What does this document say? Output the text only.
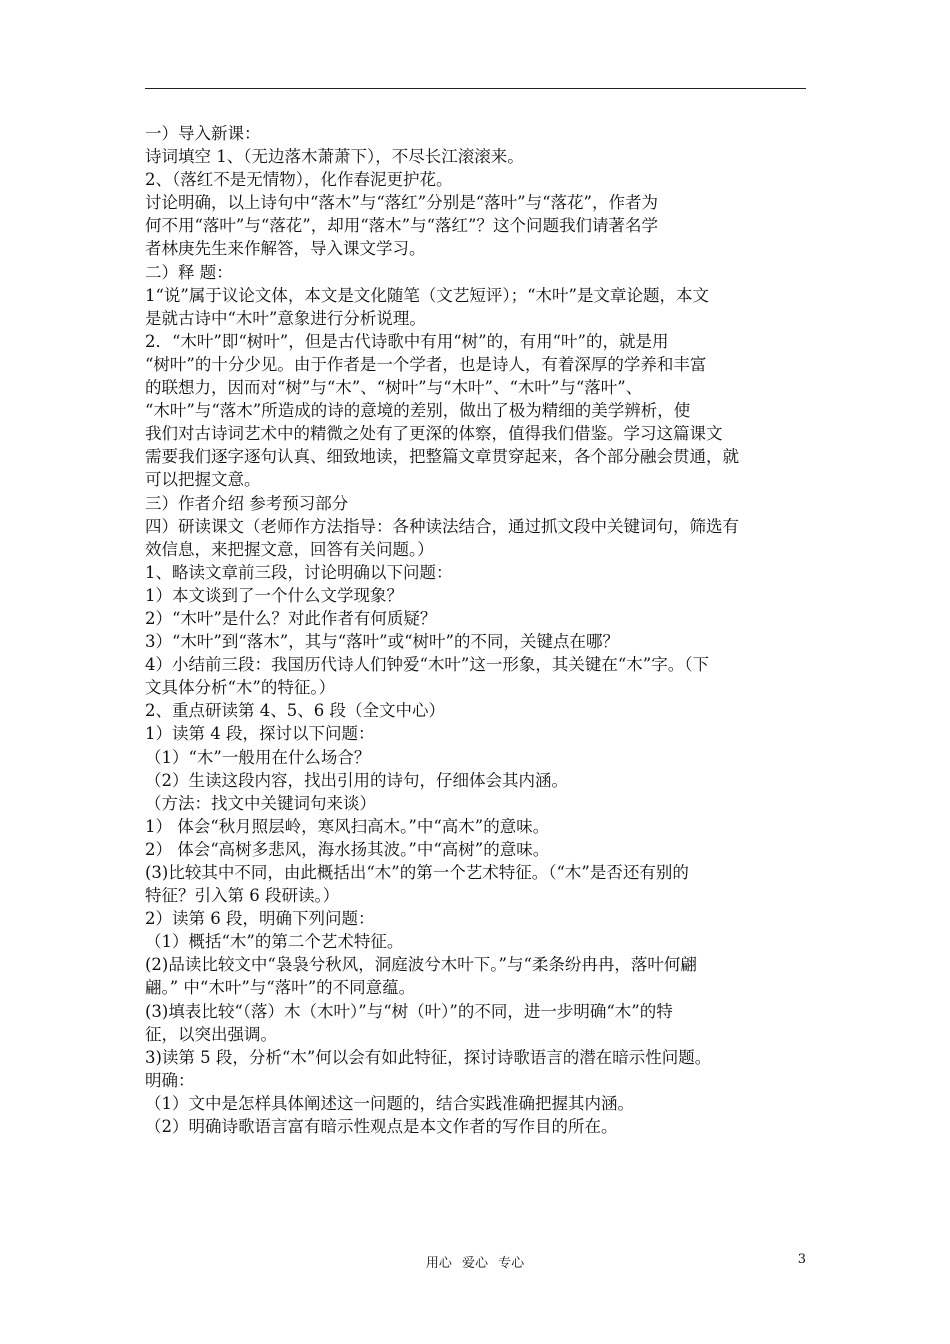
一）导入新课：
诗词填空 1、（无边落木萧萧下），不尽长江滚滚来。
2、（落红不是无情物），化作春泥更护花。
讨论明确，以上诗句中“落木”与“落红”分别是“落叶”与“落花”，作者为
何不用“落叶”与“落花”，却用“落木”与“落红”？这个问题我们请著名学
者林庚先生来作解答，导入课文学习。
二）释 题：
1“说”属于议论文体，本文是文化随笔（文艺短评）；“木叶”是文章论题，本文
是就古诗中“木叶”意象进行分析说理。
2．“木叶”即“树叶”，但是古代诗歌中有用“树”的，有用“叶”的，就是用
“树叶”的十分少见。由于作者是一个学者，也是诗人，有着深厚的学养和丰富
的联想力，因而对“树”与“木”、“树叶”与“木叶”、“木叶”与“落叶”、
“木叶”与“落木”所造成的诗的意境的差别，做出了极为精细的美学辨析，使
我们对古诗词艺术中的精微之处有了更深的体察，值得我们借鉴。学习这篇课文
需要我们逐字逐句认真、细致地读，把整篇文章贯穿起来，各个部分融会贯通，就
可以把握文意。
三）作者介绍 参考预习部分
四）研读课文（老师作方法指导：各种读法结合，通过抓文段中关键词句，筛选有
效信息，来把握文意，回答有关问题。）
1、略读文章前三段，讨论明确以下问题：
1）本文谈到了一个什么文学现象？
2）“木叶”是什么？对此作者有何质疑？
3）“木叶”到“落木”，其与“落叶”或“树叶”的不同，关键点在哪？
4）小结前三段：我国历代诗人们钟爱“木叶”这一形象，其关键在“木”字。（下
文具体分析“木”的特征。）
2、重点研读第 4、5、6 段（全文中心）
1）读第 4 段，探讨以下问题：
（1）“木”一般用在什么场合？
（2）生读这段内容，找出引用的诗句，仔细体会其内涵。
（方法：找文中关键词句来谈）
1） 体会“秋月照层岭，寒风扫高木。”中“高木”的意味。
2） 体会“高树多悲风，海水扬其波。”中“高树”的意味。
(3)比较其中不同，由此概括出“木”的第一个艺术特征。（“木”是否还有别的
特征？引入第 6 段研读。）
2）读第 6 段，明确下列问题：
（1）概括“木”的第二个艺术特征。
(2)品读比较文中“袅袅兮秋风，洞庭波兮木叶下。”与“柔条纷冉冉，落叶何翩
翩。” 中“木叶”与“落叶”的不同意蕴。
(3)填表比较“（落）木（木叶）”与“树（叶）”的不同，进一步明确“木”的特
征，以突出强调。
3)读第 5 段，分析“木”何以会有如此特征，探讨诗歌语言的潜在暗示性问题。
明确：
（1）文中是怎样具体阐述这一问题的，结合实践准确把握其内涵。
（2）明确诗歌语言富有暗示性观点是本文作者的写作目的所在。
用心 爱心 专心	3
